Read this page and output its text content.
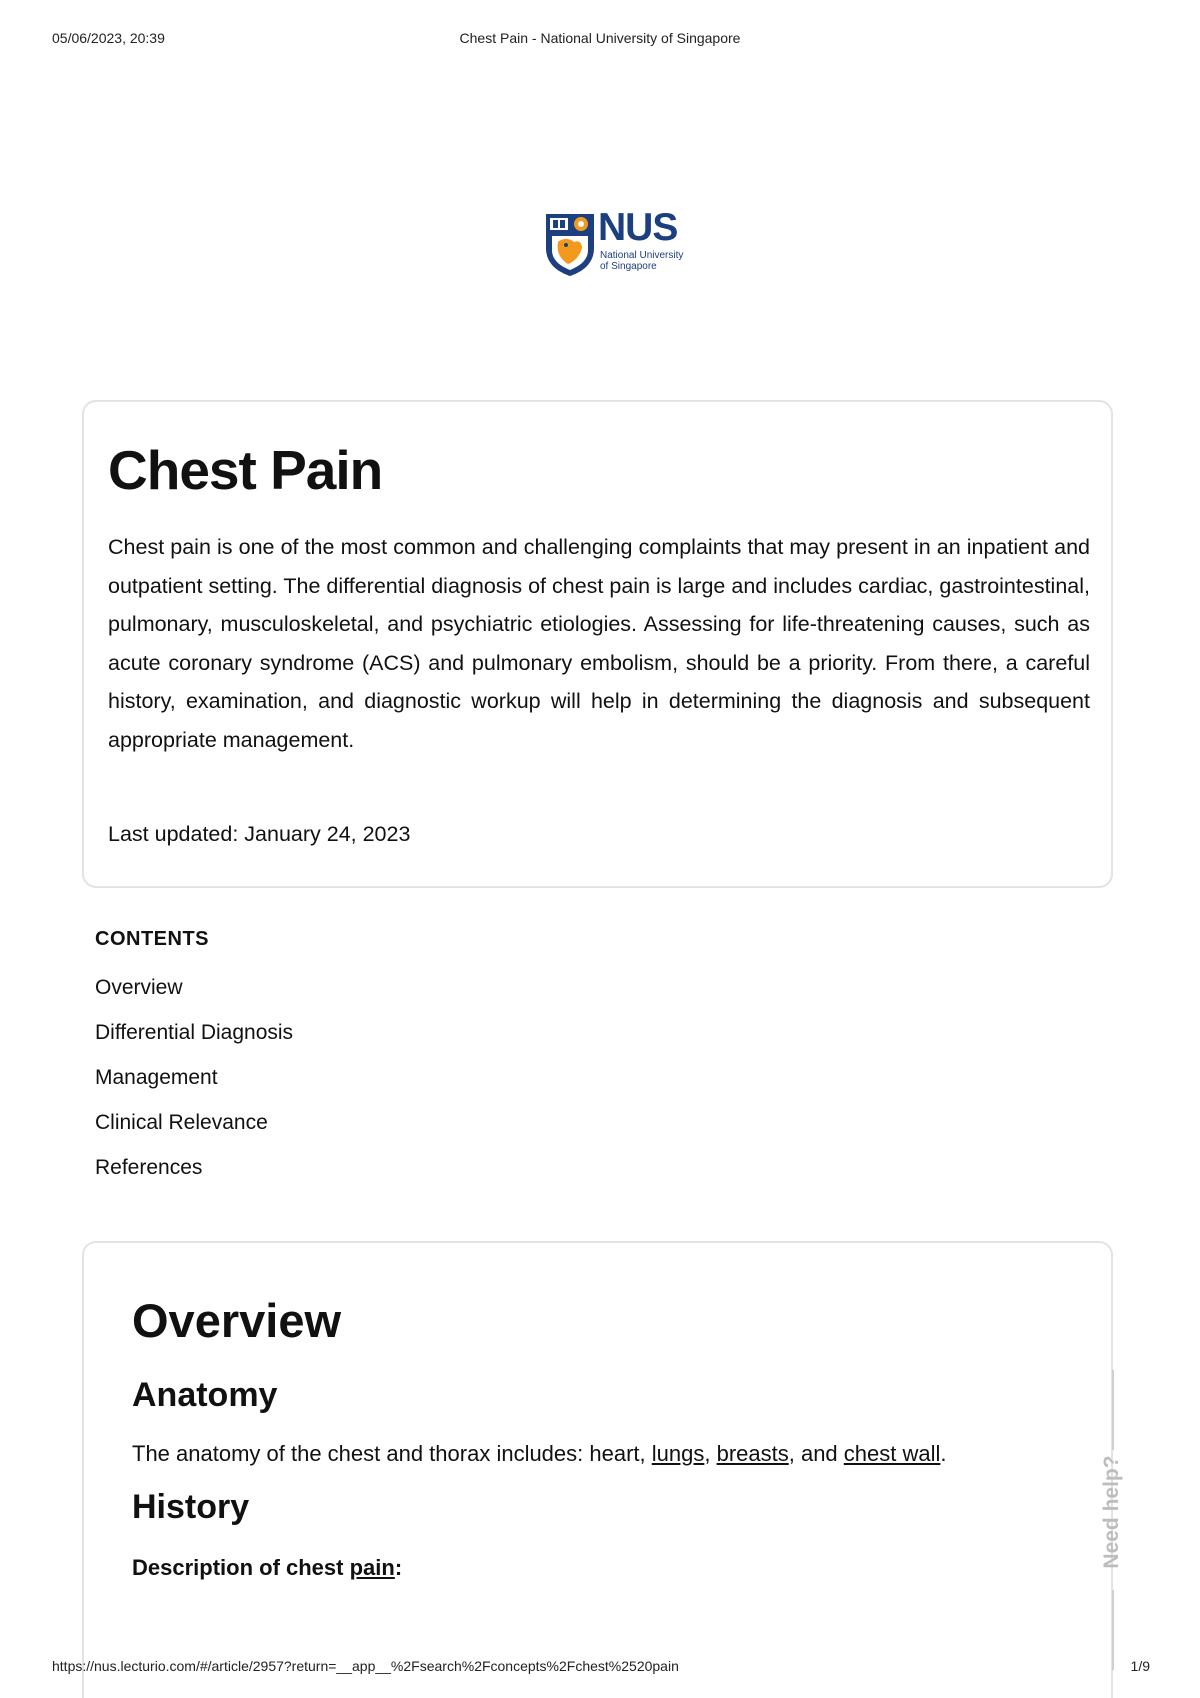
05/06/2023, 20:39	Chest Pain - National University of Singapore
NUS
National University
of Singapore
Chest Pain

Chest pain is one of the most common and challenging complaints that may present in an inpatient and outpatient setting. The differential diagnosis of chest pain is large and includes cardiac, gastrointestinal, pulmonary, musculoskeletal, and psychiatric etiologies. Assessing for life-threatening causes, such as acute coronary syndrome (ACS) and pulmonary embolism, should be a priority. From there, a careful history, examination, and diagnostic workup will help in determining the diagnosis and subsequent appropriate management.

Last updated: January 24, 2023

CONTENTS
Overview
Differential Diagnosis
Management
Clinical Relevance
References
Overview
Anatomy

The anatomy of the chest and thorax includes: heart, lungs, breasts, and chest wall.

History

Description of chest pain:	Need help?
https://nus.lecturio.com/#/article/2957?return=__app__%2Fsearch%2Fconcepts%2Fchest%2520pain	1/9
